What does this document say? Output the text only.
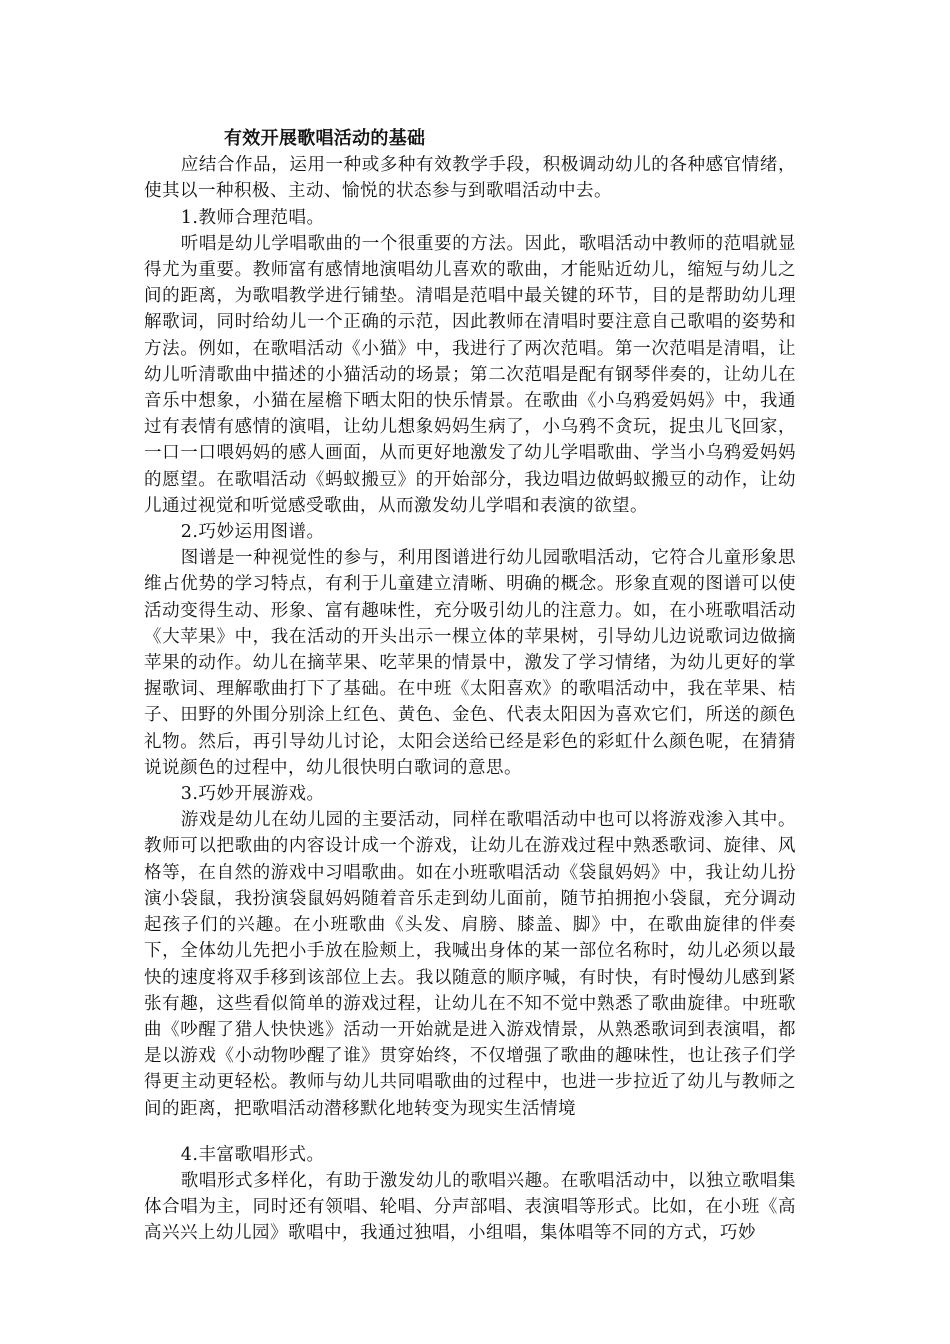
有效开展歌唱活动的基础

应结合作品，运用一种或多种有效教学手段，积极调动幼儿的各种感官情绪，使其以一种积极、主动、愉悦的状态参与到歌唱活动中去。

1.教师合理范唱。

听唱是幼儿学唱歌曲的一个很重要的方法。因此，歌唱活动中教师的范唱就显得尤为重要。教师富有感情地演唱幼儿喜欢的歌曲，才能贴近幼儿，缩短与幼儿之间的距离，为歌唱教学进行铺垫。清唱是范唱中最关键的环节，目的是帮助幼儿理解歌词，同时给幼儿一个正确的示范，因此教师在清唱时要注意自己歌唱的姿势和方法。例如，在歌唱活动《小猫》中，我进行了两次范唱。第一次范唱是清唱，让幼儿听清歌曲中描述的小猫活动的场景；第二次范唱是配有钢琴伴奏的，让幼儿在音乐中想象，小猫在屋檐下晒太阳的快乐情景。在歌曲《小乌鸦爱妈妈》中，我通过有表情有感情的演唱，让幼儿想象妈妈生病了，小乌鸦不贪玩，捉虫儿飞回家，一口一口喂妈妈的感人画面，从而更好地激发了幼儿学唱歌曲、学当小乌鸦爱妈妈的愿望。在歌唱活动《蚂蚁搬豆》的开始部分，我边唱边做蚂蚁搬豆的动作，让幼儿通过视觉和听觉感受歌曲，从而激发幼儿学唱和表演的欲望。

2.巧妙运用图谱。

图谱是一种视觉性的参与，利用图谱进行幼儿园歌唱活动，它符合儿童形象思维占优势的学习特点，有利于儿童建立清晰、明确的概念。形象直观的图谱可以使活动变得生动、形象、富有趣味性，充分吸引幼儿的注意力。如，在小班歌唱活动《大苹果》中，我在活动的开头出示一棵立体的苹果树，引导幼儿边说歌词边做摘苹果的动作。幼儿在摘苹果、吃苹果的情景中，激发了学习情绪，为幼儿更好的掌握歌词、理解歌曲打下了基础。在中班《太阳喜欢》的歌唱活动中，我在苹果、桔子、田野的外围分别涂上红色、黄色、金色、代表太阳因为喜欢它们，所送的颜色礼物。然后，再引导幼儿讨论，太阳会送给已经是彩色的彩虹什么颜色呢，在猜猜说说颜色的过程中，幼儿很快明白歌词的意思。

3.巧妙开展游戏。

游戏是幼儿在幼儿园的主要活动，同样在歌唱活动中也可以将游戏渗入其中。教师可以把歌曲的内容设计成一个游戏，让幼儿在游戏过程中熟悉歌词、旋律、风格等，在自然的游戏中习唱歌曲。如在小班歌唱活动《袋鼠妈妈》中，我让幼儿扮演小袋鼠，我扮演袋鼠妈妈随着音乐走到幼儿面前，随节拍拥抱小袋鼠，充分调动起孩子们的兴趣。在小班歌曲《头发、肩膀、膝盖、脚》中，在歌曲旋律的伴奏下，全体幼儿先把小手放在脸颊上，我喊出身体的某一部位名称时，幼儿必须以最快的速度将双手移到该部位上去。我以随意的顺序喊，有时快，有时慢幼儿感到紧张有趣，这些看似简单的游戏过程，让幼儿在不知不觉中熟悉了歌曲旋律。中班歌曲《吵醒了猎人快快逃》活动一开始就是进入游戏情景，从熟悉歌词到表演唱，都是以游戏《小动物吵醒了谁》贯穿始终，不仅增强了歌曲的趣味性，也让孩子们学得更主动更轻松。教师与幼儿共同唱歌曲的过程中，也进一步拉近了幼儿与教师之间的距离，把歌唱活动潜移默化地转变为现实生活情境

4.丰富歌唱形式。

歌唱形式多样化，有助于激发幼儿的歌唱兴趣。在歌唱活动中，以独立歌唱集体合唱为主，同时还有领唱、轮唱、分声部唱、表演唱等形式。比如，在小班《高高兴兴上幼儿园》歌唱中，我通过独唱，小组唱，集体唱等不同的方式，巧妙
